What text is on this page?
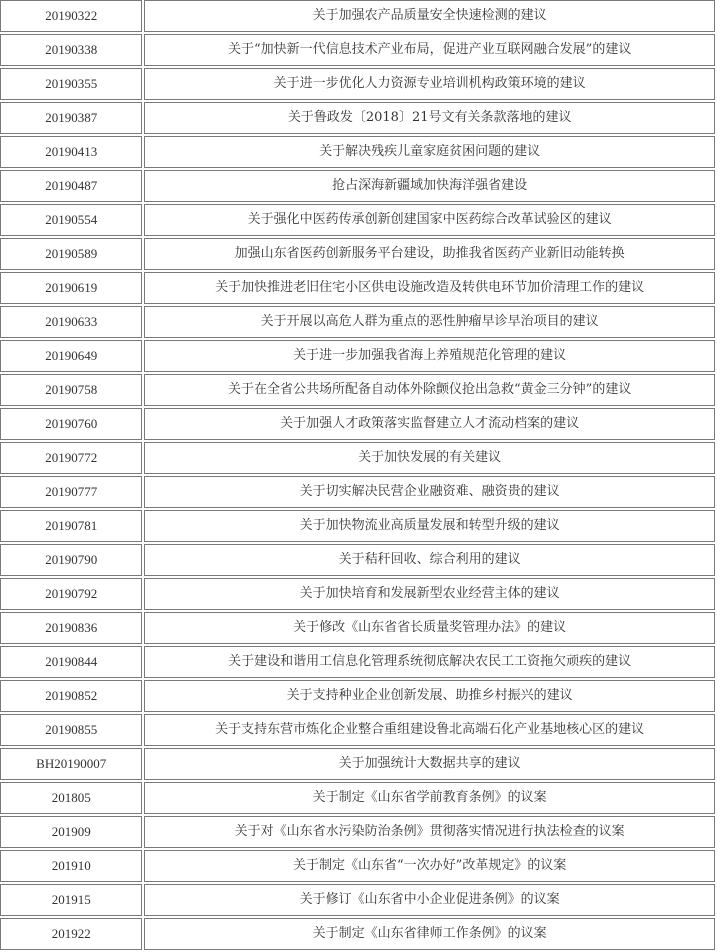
20190322	关于加强农产品质量安全快速检测的建议
20190338	关于“加快新一代信息技术产业布局，促进产业互联网融合发展”的建议
20190355	关于进一步优化人力资源专业培训机构政策环境的建议
20190387	关于鲁政发〔2018〕21号文有关条款落地的建议
20190413	关于解决残疾儿童家庭贫困问题的建议
20190487	抢占深海新疆域加快海洋强省建设
20190554	关于强化中医药传承创新创建国家中医药综合改革试验区的建议
20190589	加强山东省医药创新服务平台建设，助推我省医药产业新旧动能转换
20190619	关于加快推进老旧住宅小区供电设施改造及转供电环节加价清理工作的建议
20190633	关于开展以高危人群为重点的恶性肿瘤早诊早治项目的建议
20190649	关于进一步加强我省海上养殖规范化管理的建议
20190758	关于在全省公共场所配备自动体外除颤仪抢出急救“黄金三分钟”的建议
20190760	关于加强人才政策落实监督建立人才流动档案的建议
20190772	关于加快发展的有关建议
20190777	关于切实解决民营企业融资难、融资贵的建议
20190781	关于加快物流业高质量发展和转型升级的建议
20190790	关于秸秆回收、综合利用的建议
20190792	关于加快培育和发展新型农业经营主体的建议
20190836	关于修改《山东省省长质量奖管理办法》的建议
20190844	关于建设和谐用工信息化管理系统彻底解决农民工工资拖欠顽疾的建议
20190852	关于支持种业企业创新发展、助推乡村振兴的建议
20190855	关于支持东营市炼化企业整合重组建设鲁北高端石化产业基地核心区的建议
BH20190007	关于加强统计大数据共享的建议
201805	关于制定《山东省学前教育条例》的议案
201909	关于对《山东省水污染防治条例》贯彻落实情况进行执法检查的议案
201910	关于制定《山东省“一次办好”改革规定》的议案
201915	关于修订《山东省中小企业促进条例》的议案
201922	关于制定《山东省律师工作条例》的议案
